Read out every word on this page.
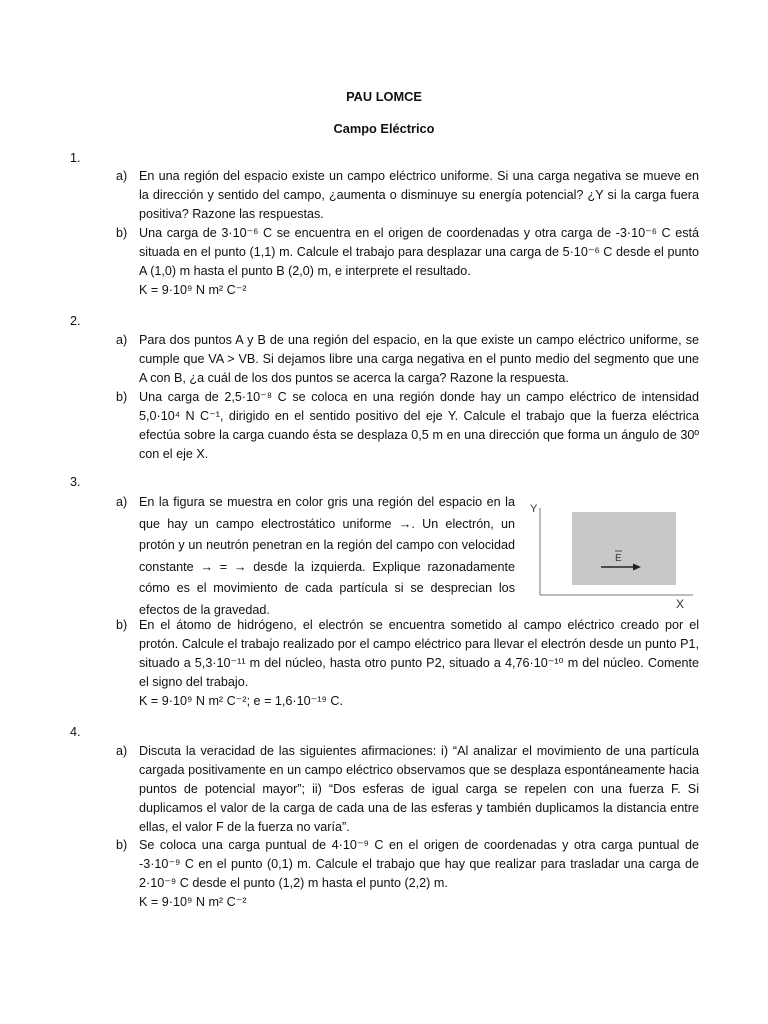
PAU LOMCE
Campo Eléctrico
1.
a) En una región del espacio existe un campo eléctrico uniforme. Si una carga negativa se mueve en la dirección y sentido del campo, ¿aumenta o disminuye su energía potencial? ¿Y si la carga fuera positiva? Razone las respuestas.
b) Una carga de 3·10⁻⁶ C se encuentra en el origen de coordenadas y otra carga de -3·10⁻⁶ C está situada en el punto (1,1) m. Calcule el trabajo para desplazar una carga de 5·10⁻⁶ C desde el punto A (1,0) m hasta el punto B (2,0) m, e interprete el resultado.
K = 9·10⁹ N m² C⁻²
2.
a) Para dos puntos A y B de una región del espacio, en la que existe un campo eléctrico uniforme, se cumple que VA > VB. Si dejamos libre una carga negativa en el punto medio del segmento que une A con B, ¿a cuál de los dos puntos se acerca la carga? Razone la respuesta.
b) Una carga de 2,5·10⁻⁸ C se coloca en una región donde hay un campo eléctrico de intensidad 5,0·10⁴ N C⁻¹, dirigido en el sentido positivo del eje Y. Calcule el trabajo que la fuerza eléctrica efectúa sobre la carga cuando ésta se desplaza 0,5 m en una dirección que forma un ángulo de 30º con el eje X.
3.
a) En la figura se muestra en color gris una región del espacio en la que hay un campo electrostático uniforme →. Un electrón, un protón y un neutrón penetran en la región del campo con velocidad constante → = → desde la izquierda. Explique razonadamente cómo es el movimiento de cada partícula si se desprecian los efectos de la gravedad.
Y
X
E
b) En el átomo de hidrógeno, el electrón se encuentra sometido al campo eléctrico creado por el protón. Calcule el trabajo realizado por el campo eléctrico para llevar el electrón desde un punto P1, situado a 5,3·10⁻¹¹ m del núcleo, hasta otro punto P2, situado a 4,76·10⁻¹⁰ m del núcleo. Comente el signo del trabajo.
K = 9·10⁹ N m² C⁻²; e = 1,6·10⁻¹⁹ C.
4.
a) Discuta la veracidad de las siguientes afirmaciones: i) “Al analizar el movimiento de una partícula cargada positivamente en un campo eléctrico observamos que se desplaza espontáneamente hacia puntos de potencial mayor”; ii) “Dos esferas de igual carga se repelen con una fuerza F. Si duplicamos el valor de la carga de cada una de las esferas y también duplicamos la distancia entre ellas, el valor F de la fuerza no varía”.
b) Se coloca una carga puntual de 4·10⁻⁹ C en el origen de coordenadas y otra carga puntual de -3·10⁻⁹ C en el punto (0,1) m. Calcule el trabajo que hay que realizar para trasladar una carga de 2·10⁻⁹ C desde el punto (1,2) m hasta el punto (2,2) m.
K = 9·10⁹ N m² C⁻²
